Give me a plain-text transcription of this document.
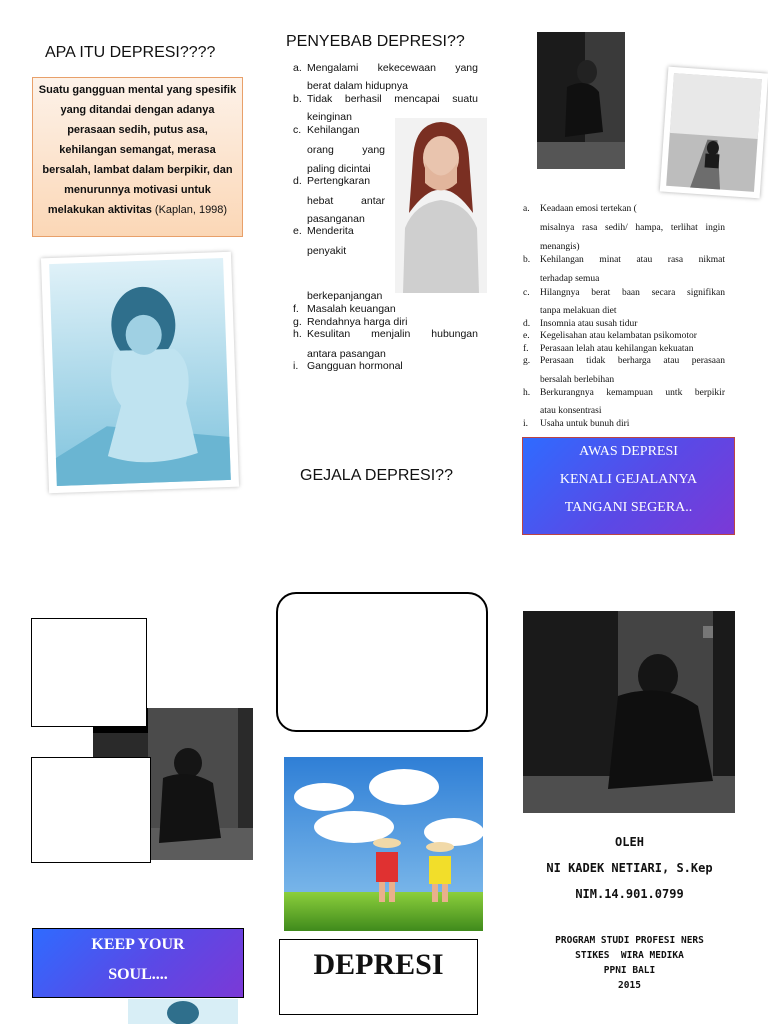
APA ITU DEPRESI????
Suatu gangguan mental yang spesifik yang ditandai dengan adanya perasaan sedih, putus asa, kehilangan semangat, merasa bersalah, lambat dalam berpikir, dan menurunnya motivasi untuk melakukan aktivitas (Kaplan, 1998)
PENYEBAB DEPRESI??
a. Mengalami kekecewaan yang
berat dalam hidupnya
b. Tidak berhasil mencapai suatu
keinginan
c. Kehilangan
orang yang
paling dicintai
d. Pertengkaran
hebat antar
pasanganan
e. Menderita
penyakit
berkepanjangan
f. Masalah keuangan
g. Rendahnya harga diri
h. Kesulitan menjalin hubungan
antara pasangan
i. Gangguan hormonal
GEJALA DEPRESI??
a.	Keadaan emosi tertekan (
misalnya rasa sedih/ hampa, terlihat ingin
menangis)
b.	Kehilangan minat atau rasa nikmat
terhadap semua
c.	Hilangnya berat baan secara signifikan
tanpa melakuan diet
d.	Insomnia atau susah tidur
e.	Kegelisahan atau kelambatan psikomotor
f.	Perasaan lelah atau kehilangan kekuatan
g.	Perasaan tidak berharga atau perasaan
bersalah berlebihan
h.	Berkurangnya kemampuan untk berpikir
atau konsentrasi
i.	Usaha untuk bunuh diri
AWAS DEPRESI
KENALI GEJALANYA
TANGANI SEGERA..
KEEP YOUR
SOUL....	DEPRESI
OLEH
NI KADEK NETIARI, S.Kep
NIM.14.901.0799
PROGRAM STUDI PROFESI NERS
STIKES  WIRA MEDIKA
PPNI BALI
2015
